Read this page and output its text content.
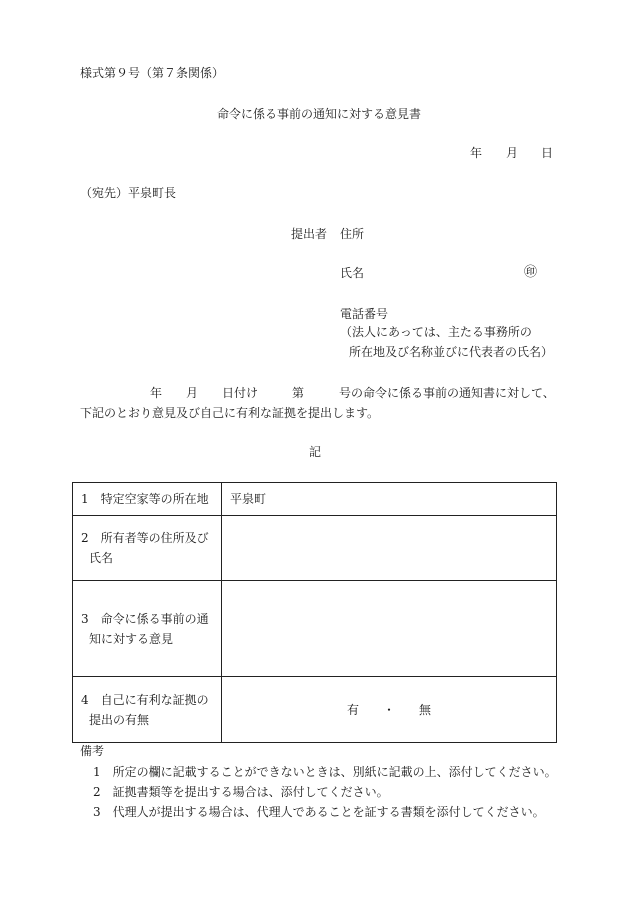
様式第９号（第７条関係）
命令に係る事前の通知に対する意見書
年 月 日
（宛先）平泉町長
提出者 住所
氏名	㊞
電話番号
（法人にあっては、主たる事務所の
所在地及び名称並びに代表者の氏名）
年 月 日付け	第	号の命令に係る事前の通知書に対して、
下記のとおり意見及び自己に有利な証拠を提出します。
記
1　特定空家等の所在地	平泉町

2　所有者等の住所及び
氏名	

3　命令に係る事前の通
知に対する意見	

4　自己に有利な証拠の
提出の有無	有　　・　　無
備考
1　所定の欄に記載することができないときは、別紙に記載の上、添付してください。
2　証拠書類等を提出する場合は、添付してください。
3　代理人が提出する場合は、代理人であることを証する書類を添付してください。
